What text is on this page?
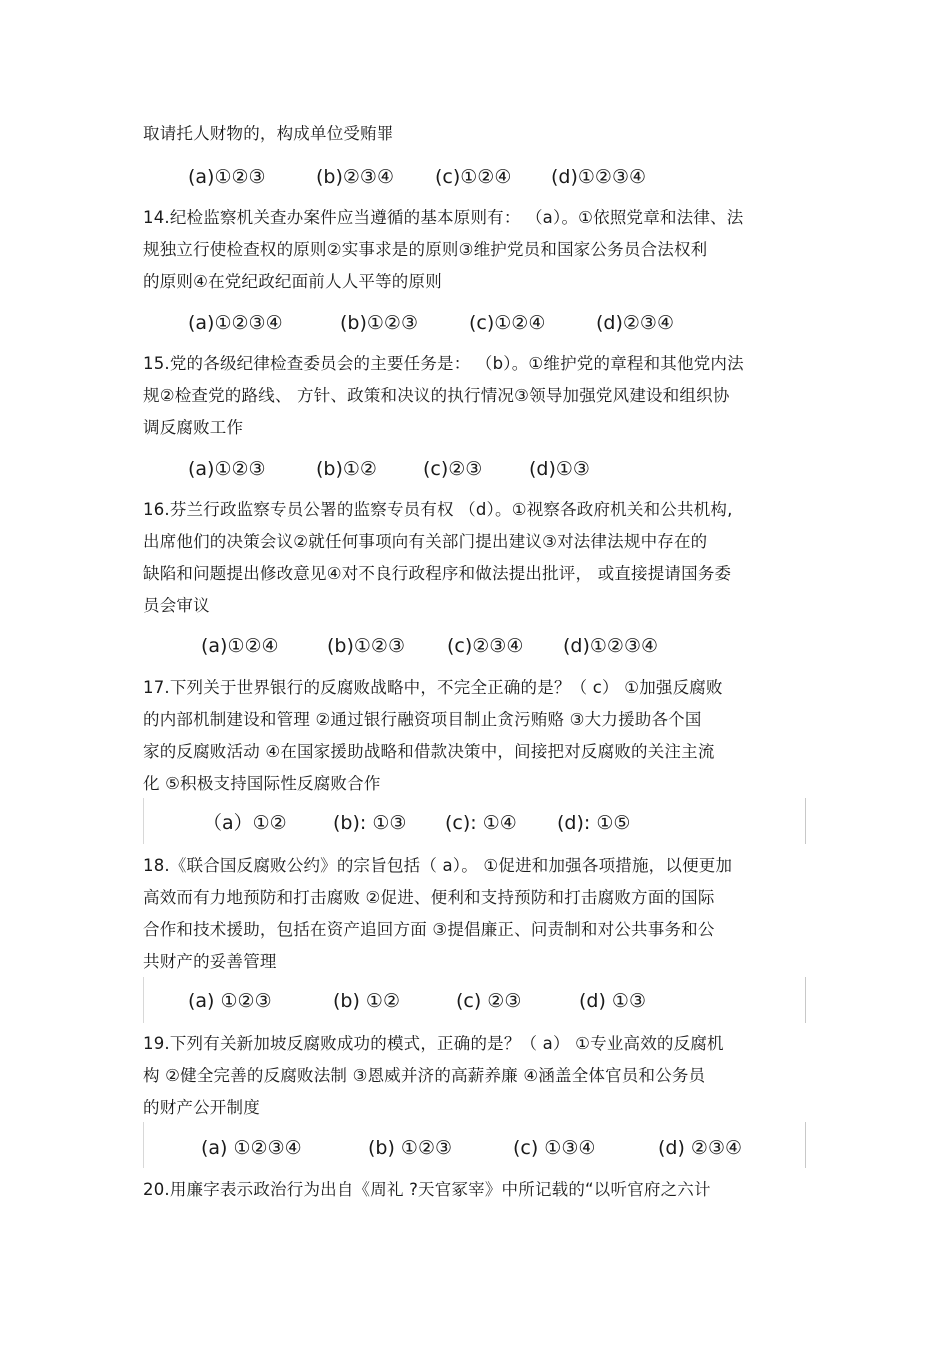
取请托人财物的，构成单位受贿罪
(a)①②③	(b)②③④ (c)①②④ (d)①②③④
14.纪检监察机关查办案件应当遵循的基本原则有： （a）。①依照党章和法律、法
规独立行使检查权的原则②实事求是的原则③维护党员和国家公务员合法权利
的原则④在党纪政纪面前人人平等的原则
(a)①②③④	(b)①②③	(c)①②④	(d)②③④
15.党的各级纪律检查委员会的主要任务是： （b）。①维护党的章程和其他党内法
规②检查党的路线、 方针、政策和决议的执行情况③领导加强党风建设和组织协
调反腐败工作
(a)①②③	(b)①② (c)②③ (d)①③
16.芬兰行政监察专员公署的监察专员有权 （d）。①视察各政府机关和公共机构,
出席他们的决策会议②就任何事项向有关部门提出建议③对法律法规中存在的
缺陷和问题提出修改意见④对不良行政程序和做法提出批评， 或直接提请国务委
员会审议
(a)①②④	(b)①②③ (c)②③④ (d)①②③④
17.下列关于世界银行的反腐败战略中，不完全正确的是？（ c） ①加强反腐败
的内部机制建设和管理 ②通过银行融资项目制止贪污贿赂 ③大力援助各个国
家的反腐败活动 ④在国家援助战略和借款决策中，间接把对反腐败的关注主流
化 ⑤积极支持国际性反腐败合作
（a）①② (b): ①③ (c): ①④ (d): ①⑤
18.《联合国反腐败公约》的宗旨包括（ a）。 ①促进和加强各项措施，以便更加
高效而有力地预防和打击腐败 ②促进、便利和支持预防和打击腐败方面的国际
合作和技术援助，包括在资产追回方面 ③提倡廉正、问责制和对公共事务和公
共财产的妥善管理
(a) ①②③	(b) ①②	(c) ②③	(d) ①③
19.下列有关新加坡反腐败成功的模式，正确的是？（ a） ①专业高效的反腐机
构 ②健全完善的反腐败法制 ③恩威并济的高薪养廉 ④涵盖全体官员和公务员
的财产公开制度
(a) ①②③④	(b) ①②③	(c) ①③④	(d) ②③④
20.用廉字表示政治行为出自《周礼 ?天官冢宰》中所记载的“以听官府之六计
